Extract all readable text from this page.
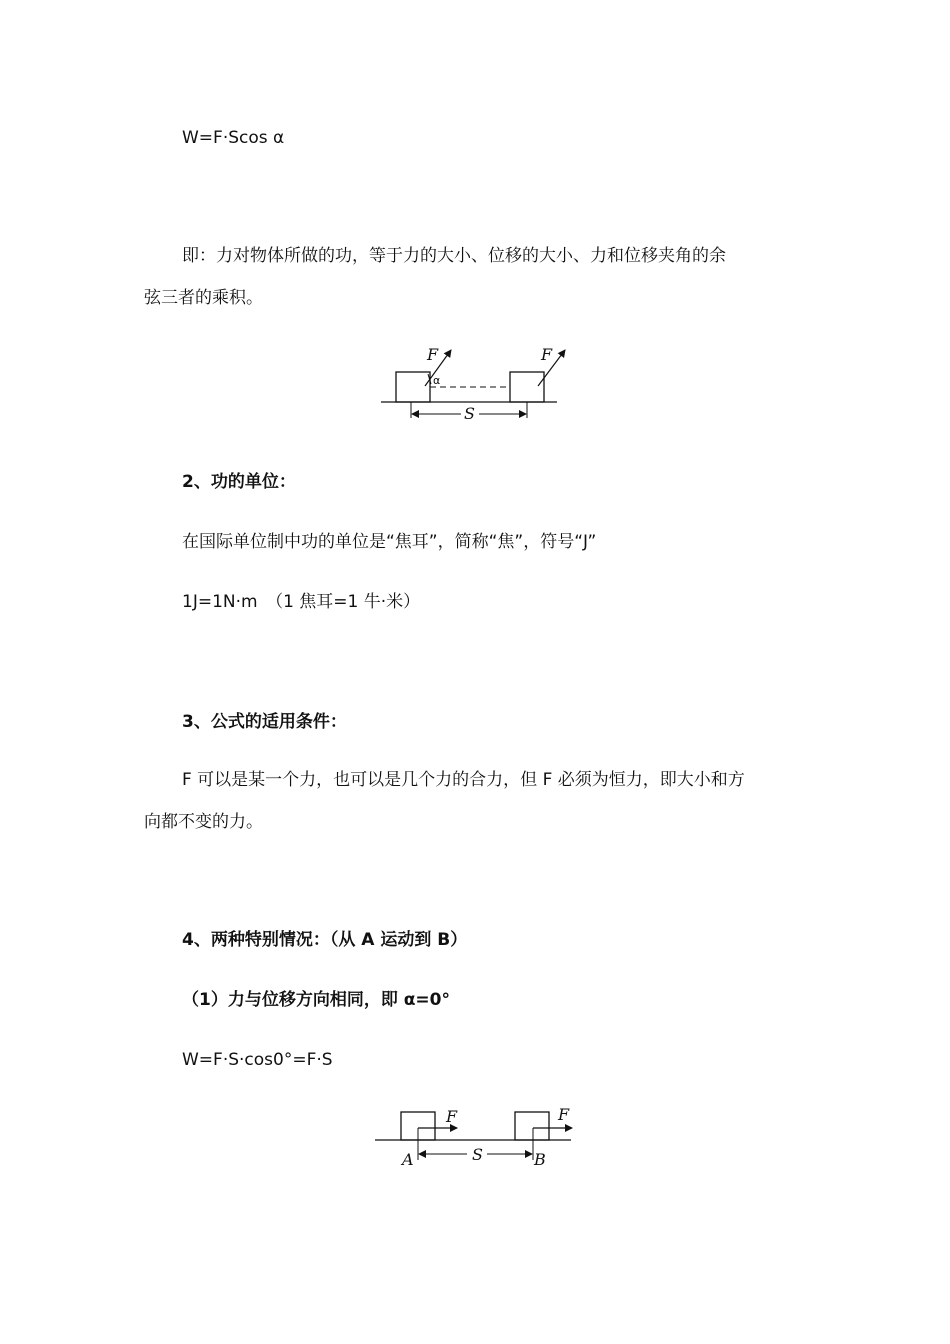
W=F·Scos α
即：力对物体所做的功，等于力的大小、位移的大小、力和位移夹角的余
弦三者的乘积。
F	F
α
S
2、功的单位：
在国际单位制中功的单位是“焦耳”，简称“焦”，符号“J”
1J=1N·m　（1 焦耳=1 牛·米）
3、公式的适用条件：
F 可以是某一个力，也可以是几个力的合力，但 F 必须为恒力，即大小和方
向都不变的力。
4、两种特别情况：（从 A 运动到 B）
（1）力与位移方向相同，即 α=0°
W=F·S·cos0°=F·S
F	F
A	B
S
